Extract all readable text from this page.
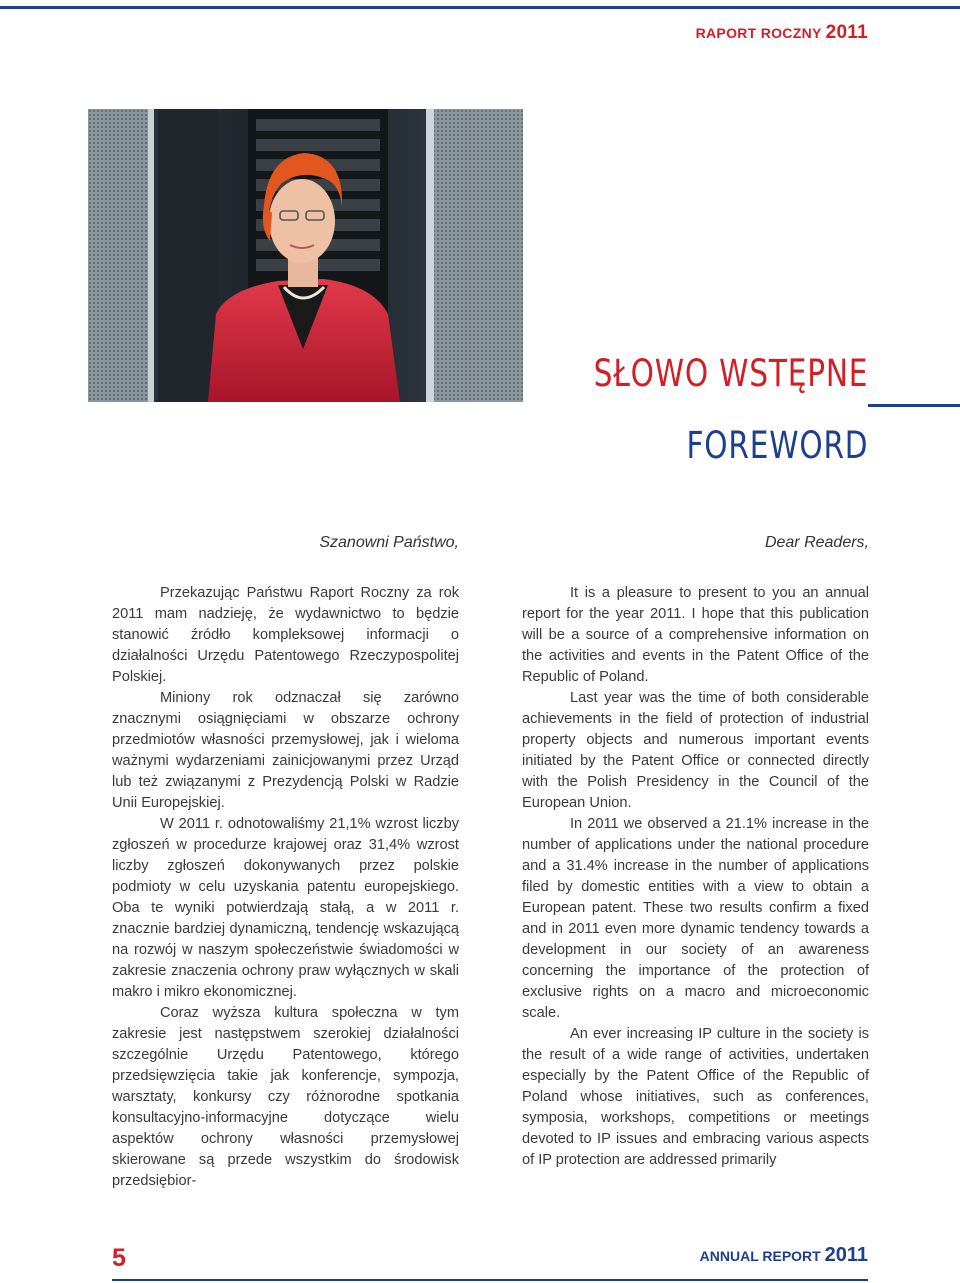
RAPORT ROCZNY 2011
SŁOWO WSTĘPNE
FOREWORD

Szanowni Państwo,

Przekazując Państwu Raport Roczny za rok 2011 mam nadzieję, że wydawnictwo to będzie stanowić źródło kompleksowej informacji o działalności Urzędu Patentowego Rzeczypospolitej Polskiej.

Miniony rok odznaczał się zarówno znacznymi osiągnięciami w obszarze ochrony przedmiotów własności przemysłowej, jak i wieloma ważnymi wydarzeniami zainicjowanymi przez Urząd lub też związanymi z Prezydencją Polski w Radzie Unii Europejskiej.

W 2011 r. odnotowaliśmy 21,1% wzrost liczby zgłoszeń w procedurze krajowej oraz 31,4% wzrost liczby zgłoszeń dokonywanych przez polskie podmioty w celu uzyskania patentu europejskiego. Oba te wyniki potwierdzają stałą, a w 2011 r. znacznie bardziej dynamiczną, tendencję wskazującą na rozwój w naszym społeczeństwie świadomości w zakresie znaczenia ochrony praw wyłącznych w skali makro i mikro ekonomicznej.

Coraz wyższa kultura społeczna w tym zakresie jest następstwem szerokiej działalności szczególnie Urzędu Patentowego, którego przedsięwzięcia takie jak konferencje, sympozja, warsztaty, konkursy czy różnorodne spotkania konsultacyjno-informacyjne dotyczące wielu aspektów ochrony własności przemysłowej skierowane są przede wszystkim do środowisk przedsiębior-

Dear Readers,

It is a pleasure to present to you an annual report for the year 2011. I hope that this publication will be a source of a comprehensive information on the activities and events in the Patent Office of the Republic of Poland.

Last year was the time of both considerable achievements in the field of protection of industrial property objects and numerous important events initiated by the Patent Office or connected directly with the Polish Presidency in the Council of the European Union.

In 2011 we observed a 21.1% increase in the number of applications under the national procedure and a 31.4% increase in the number of applications filed by domestic entities with a view to obtain a European patent. These two results confirm a fixed and in 2011 even more dynamic tendency towards a development in our society of an awareness concerning the importance of the protection of exclusive rights on a macro and microeconomic scale.

An ever increasing IP culture in the society is the result of a wide range of activities, undertaken especially by the Patent Office of the Republic of Poland whose initiatives, such as conferences, symposia, workshops, competitions or meetings devoted to IP issues and embracing various aspects of IP protection are addressed primarily

5	ANNUAL REPORT 2011
